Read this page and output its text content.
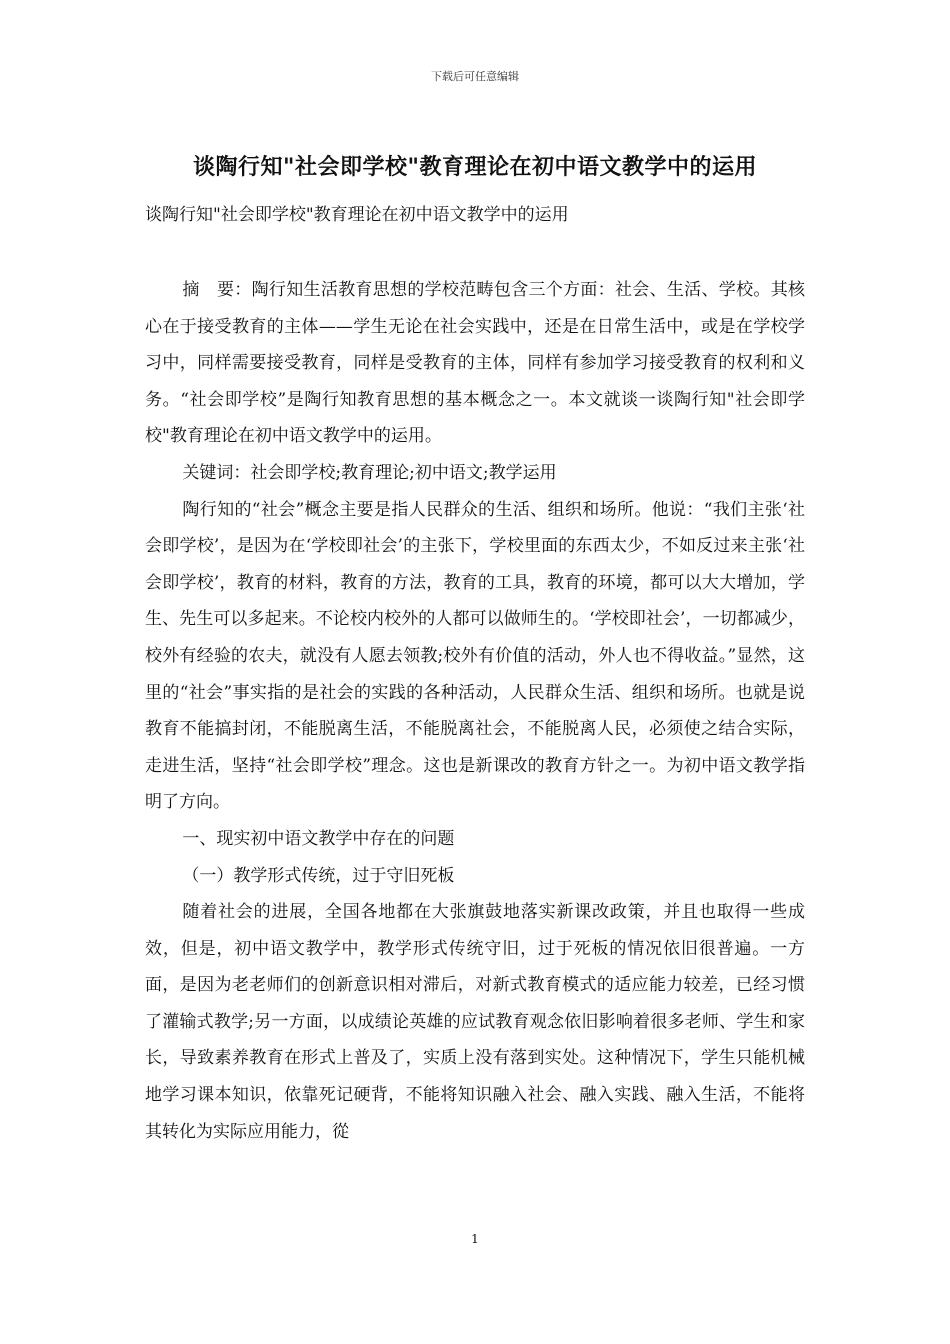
下载后可任意编辑
谈陶行知"社会即学校"教育理论在初中语文教学中的运用
谈陶行知"社会即学校"教育理论在初中语文教学中的运用

摘　要：陶行知生活教育思想的学校范畴包含三个方面：社会、生活、学校。其核心在于接受教育的主体——学生无论在社会实践中，还是在日常生活中，或是在学校学习中，同样需要接受教育，同样是受教育的主体，同样有参加学习接受教育的权利和义务。“社会即学校”是陶行知教育思想的基本概念之一。本文就谈一谈陶行知"社会即学校"教育理论在初中语文教学中的运用。

关键词：社会即学校;教育理论;初中语文;教学运用

陶行知的“社会”概念主要是指人民群众的生活、组织和场所。他说：“我们主张‘社会即学校’，是因为在‘学校即社会’的主张下，学校里面的东西太少，不如反过来主张‘社会即学校’，教育的材料，教育的方法，教育的工具，教育的环境，都可以大大增加，学生、先生可以多起来。不论校内校外的人都可以做师生的。‘学校即社会’，一切都减少，校外有经验的农夫，就没有人愿去领教;校外有价值的活动，外人也不得收益。”显然，这里的“社会”事实指的是社会的实践的各种活动，人民群众生活、组织和场所。也就是说教育不能搞封闭，不能脱离生活，不能脱离社会，不能脱离人民，必须使之结合实际，走进生活，坚持“社会即学校”理念。这也是新课改的教育方针之一。为初中语文教学指明了方向。

一、现实初中语文教学中存在的问题

（一）教学形式传统，过于守旧死板

随着社会的进展，全国各地都在大张旗鼓地落实新课改政策，并且也取得一些成效，但是，初中语文教学中，教学形式传统守旧，过于死板的情况依旧很普遍。一方面，是因为老老师们的创新意识相对滞后，对新式教育模式的适应能力较差，已经习惯了灌输式教学;另一方面，以成绩论英雄的应试教育观念依旧影响着很多老师、学生和家长，导致素养教育在形式上普及了，实质上没有落到实处。这种情况下，学生只能机械地学习课本知识，依靠死记硬背，不能将知识融入社会、融入实践、融入生活，不能将其转化为实际应用能力，從

1
